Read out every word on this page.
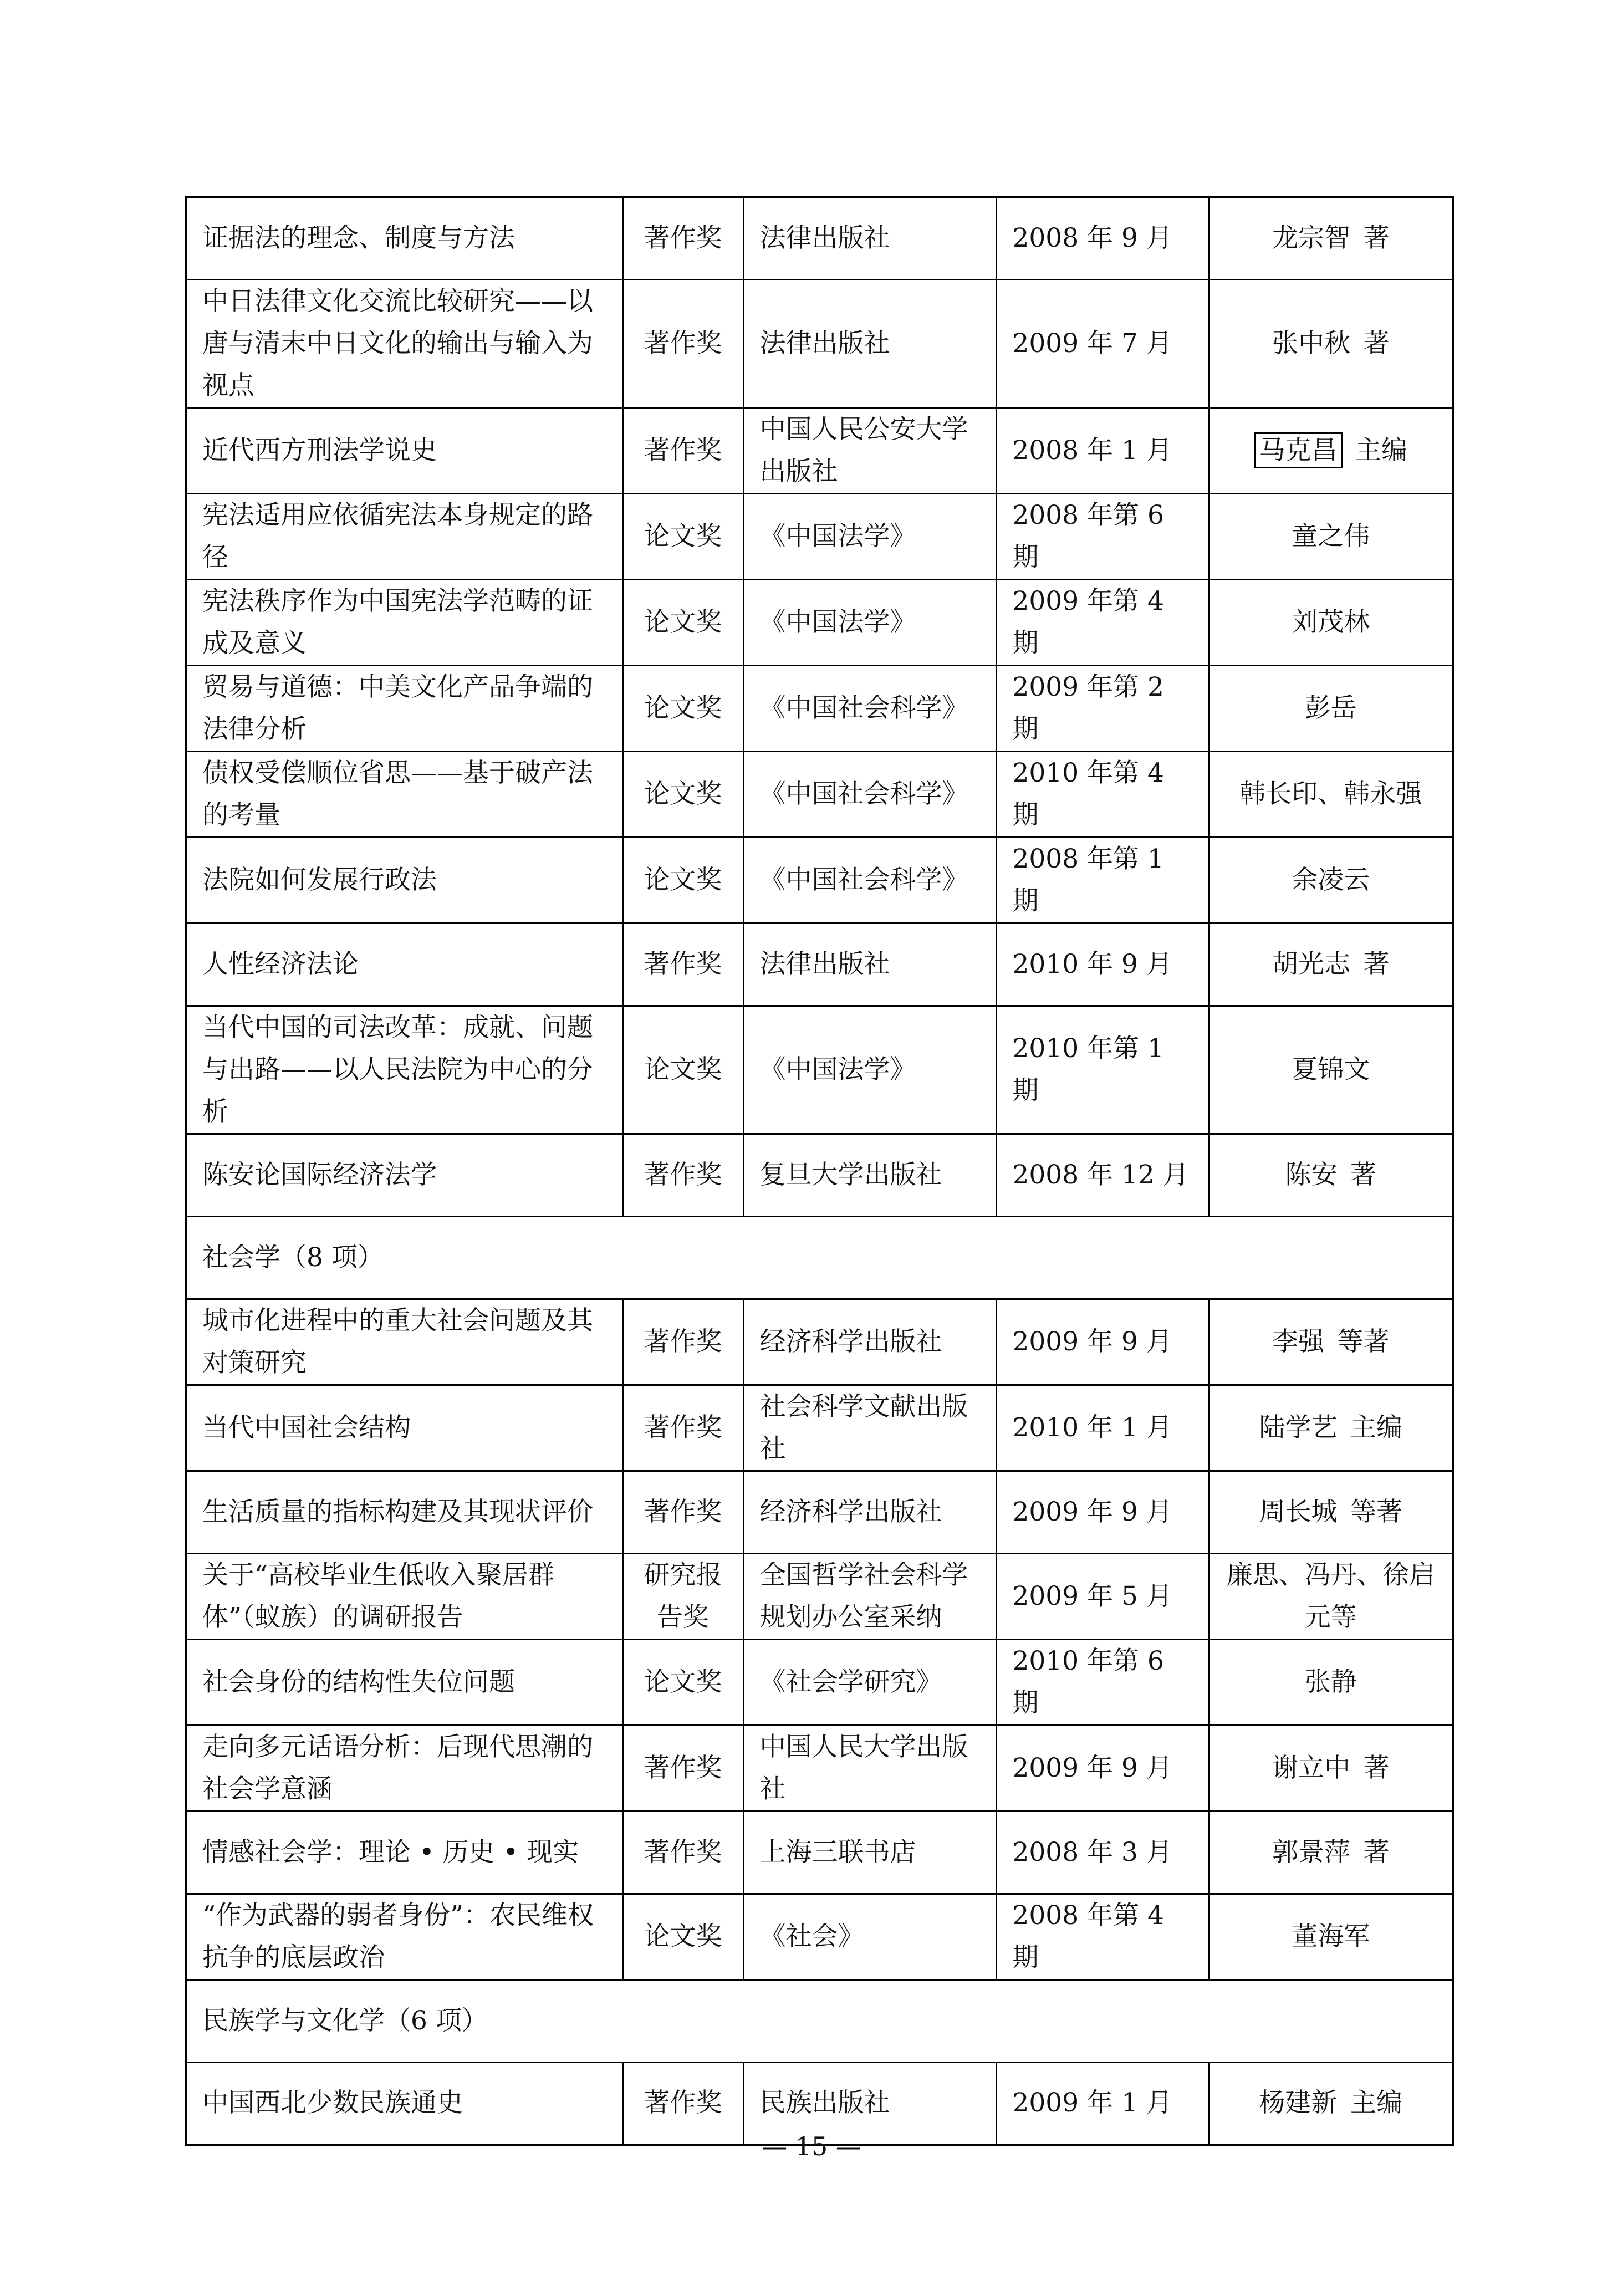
证据法的理念、制度与方法	著作奖	法律出版社	2008 年 9 月	龙宗智  著
中日法律文化交流比较研究——以唐与清末中日文化的输出与输入为视点	著作奖	法律出版社	2009 年 7 月	张中秋  著
近代西方刑法学说史	著作奖	中国人民公安大学出版社	2008 年 1 月	马克昌  主编
宪法适用应依循宪法本身规定的路径	论文奖	《中国法学》	2008 年第 6 期	童之伟
宪法秩序作为中国宪法学范畴的证成及意义	论文奖	《中国法学》	2009 年第 4 期	刘茂林
贸易与道德：中美文化产品争端的法律分析	论文奖	《中国社会科学》	2009 年第 2 期	彭岳
债权受偿顺位省思——基于破产法的考量	论文奖	《中国社会科学》	2010 年第 4 期	韩长印、韩永强
法院如何发展行政法	论文奖	《中国社会科学》	2008 年第 1 期	余凌云
人性经济法论	著作奖	法律出版社	2010 年 9 月	胡光志  著
当代中国的司法改革：成就、问题与出路——以人民法院为中心的分析	论文奖	《中国法学》	2010 年第 1 期	夏锦文
陈安论国际经济法学	著作奖	复旦大学出版社	2008 年 12 月	陈安  著
社会学（8 项）				
城市化进程中的重大社会问题及其对策研究	著作奖	经济科学出版社	2009 年 9 月	李强  等著
当代中国社会结构	著作奖	社会科学文献出版社	2010 年 1 月	陆学艺  主编
生活质量的指标构建及其现状评价	著作奖	经济科学出版社	2009 年 9 月	周长城  等著
关于“高校毕业生低收入聚居群体”（蚁族）的调研报告	研究报告奖	全国哲学社会科学规划办公室采纳	2009 年 5 月	廉思、冯丹、徐启元等
社会身份的结构性失位问题	论文奖	《社会学研究》	2010 年第 6 期	张静
走向多元话语分析：后现代思潮的社会学意涵	著作奖	中国人民大学出版社	2009 年 9 月	谢立中  著
情感社会学：理论 • 历史 • 现实	著作奖	上海三联书店	2008 年 3 月	郭景萍  著
“作为武器的弱者身份”：农民维权抗争的底层政治	论文奖	《社会》	2008 年第 4 期	董海军
民族学与文化学（6 项）				
中国西北少数民族通史	著作奖	民族出版社	2009 年 1 月	杨建新  主编
— 15 —
